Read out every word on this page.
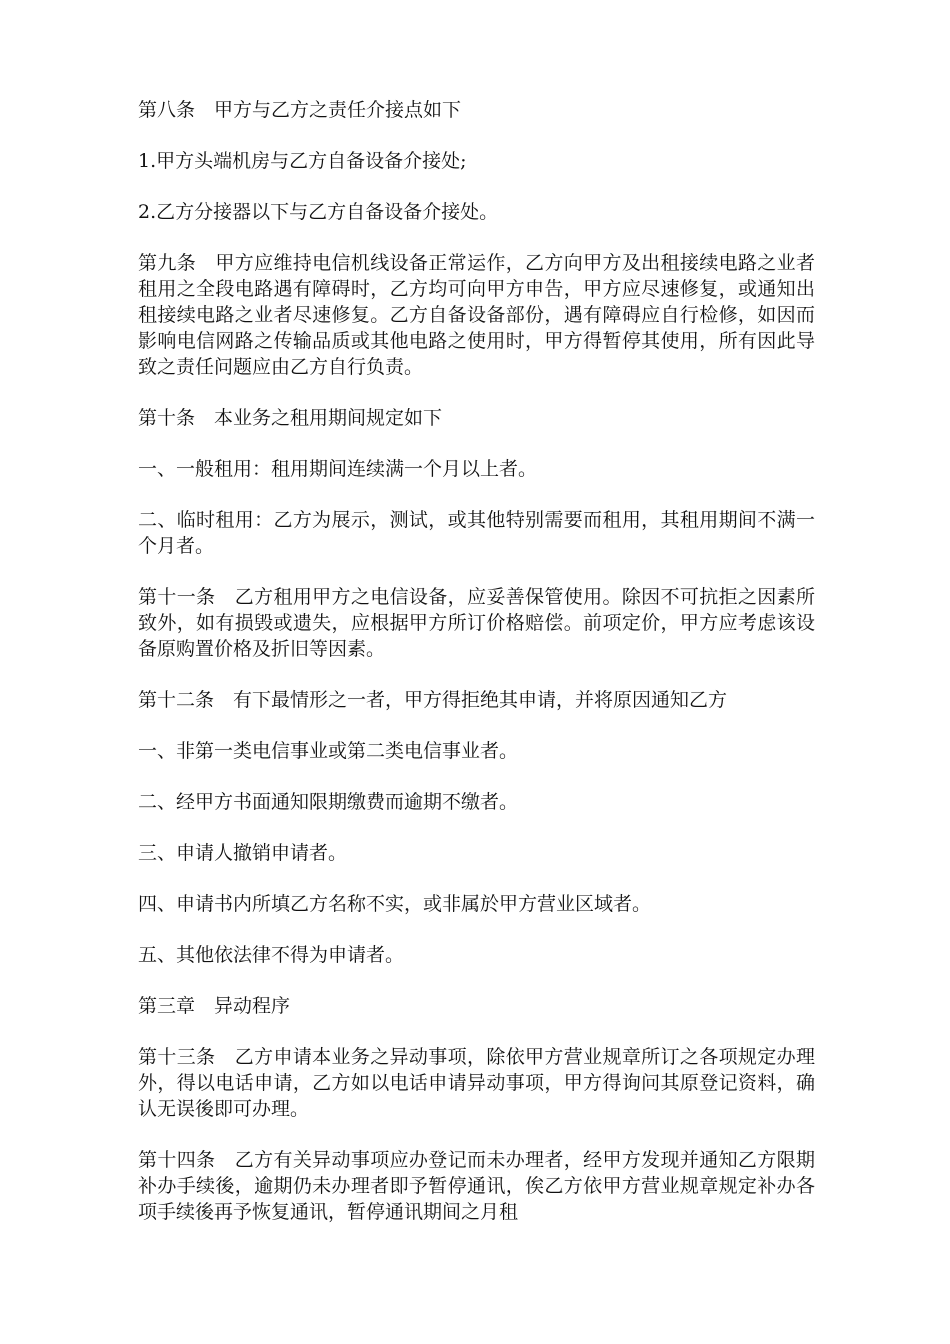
第八条　甲方与乙方之责任介接点如下

1.甲方头端机房与乙方自备设备介接处;

2.乙方分接器以下与乙方自备设备介接处。

第九条　甲方应维持电信机线设备正常运作，乙方向甲方及出租接续电路之业者租用之全段电路遇有障碍时，乙方均可向甲方申告，甲方应尽速修复，或通知出租接续电路之业者尽速修复。乙方自备设备部份，遇有障碍应自行检修，如因而影响电信网路之传输品质或其他电路之使用时，甲方得暂停其使用，所有因此导致之责任问题应由乙方自行负责。

第十条　本业务之租用期间规定如下

一、一般租用：租用期间连续满一个月以上者。

二、临时租用：乙方为展示，测试，或其他特别需要而租用，其租用期间不满一个月者。

第十一条　乙方租用甲方之电信设备，应妥善保管使用。除因不可抗拒之因素所致外，如有损毁或遗失，应根据甲方所订价格赔偿。前项定价，甲方应考虑该设备原购置价格及折旧等因素。

第十二条　有下最情形之一者，甲方得拒绝其申请，并将原因通知乙方

一、非第一类电信事业或第二类电信事业者。

二、经甲方书面通知限期缴费而逾期不缴者。

三、申请人撤销申请者。

四、申请书内所填乙方名称不实，或非属於甲方营业区域者。

五、其他依法律不得为申请者。

第三章　异动程序

第十三条　乙方申请本业务之异动事项，除依甲方营业规章所订之各项规定办理外，得以电话申请，乙方如以电话申请异动事项，甲方得询问其原登记资料，确认无误後即可办理。

第十四条　乙方有关异动事项应办登记而未办理者，经甲方发现并通知乙方限期补办手续後，逾期仍未办理者即予暂停通讯，俟乙方依甲方营业规章规定补办各项手续後再予恢复通讯，暂停通讯期间之月租
